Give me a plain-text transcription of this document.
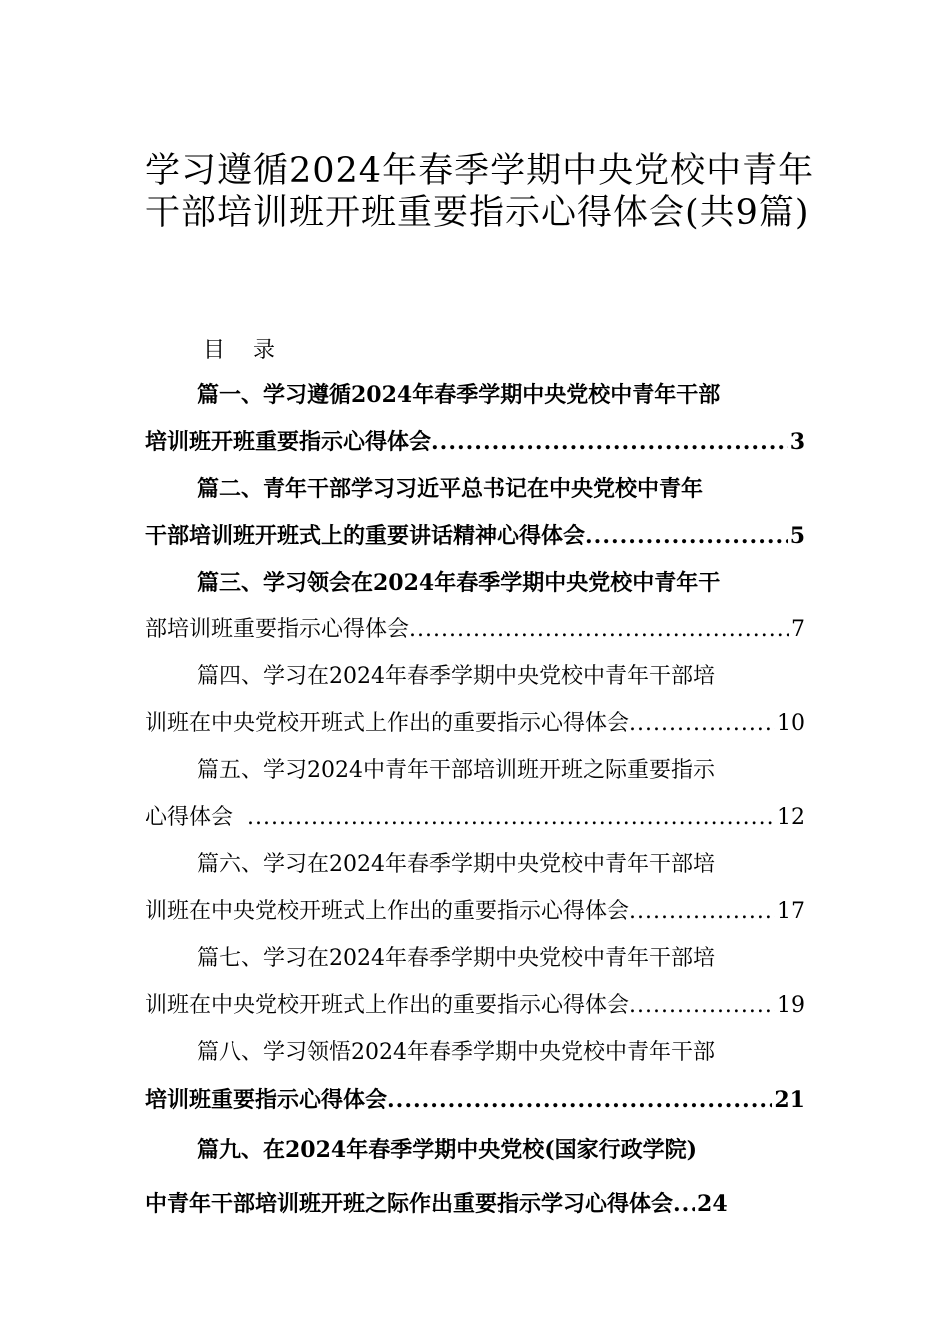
学习遵循2024年春季学期中央党校中青年干部培训班开班重要指示心得体会(共9篇)
目 录
篇一、学习遵循2024年春季学期中央党校中青年干部
培训班开班重要指示心得体会 .....	3
篇二、青年干部学习习近平总书记在中央党校中青年
干部培训班开班式上的重要讲话精神心得体会 .....	5
篇三、学习领会在2024年春季学期中央党校中青年干
部培训班重要指示心得体会 .....	7
篇四、学习在2024年春季学期中央党校中青年干部培
训班在中央党校开班式上作出的重要指示心得体会 .....	10
篇五、学习2024中青年干部培训班开班之际重要指示
心得体会 .....	12
篇六、学习在2024年春季学期中央党校中青年干部培
训班在中央党校开班式上作出的重要指示心得体会 .....	17
篇七、学习在2024年春季学期中央党校中青年干部培
训班在中央党校开班式上作出的重要指示心得体会 .....	19
篇八、学习领悟2024年春季学期中央党校中青年干部
培训班重要指示心得体会 .....	21
篇九、在2024年春季学期中央党校(国家行政学院)
中青年干部培训班开班之际作出重要指示学习心得体会 ..... 24
